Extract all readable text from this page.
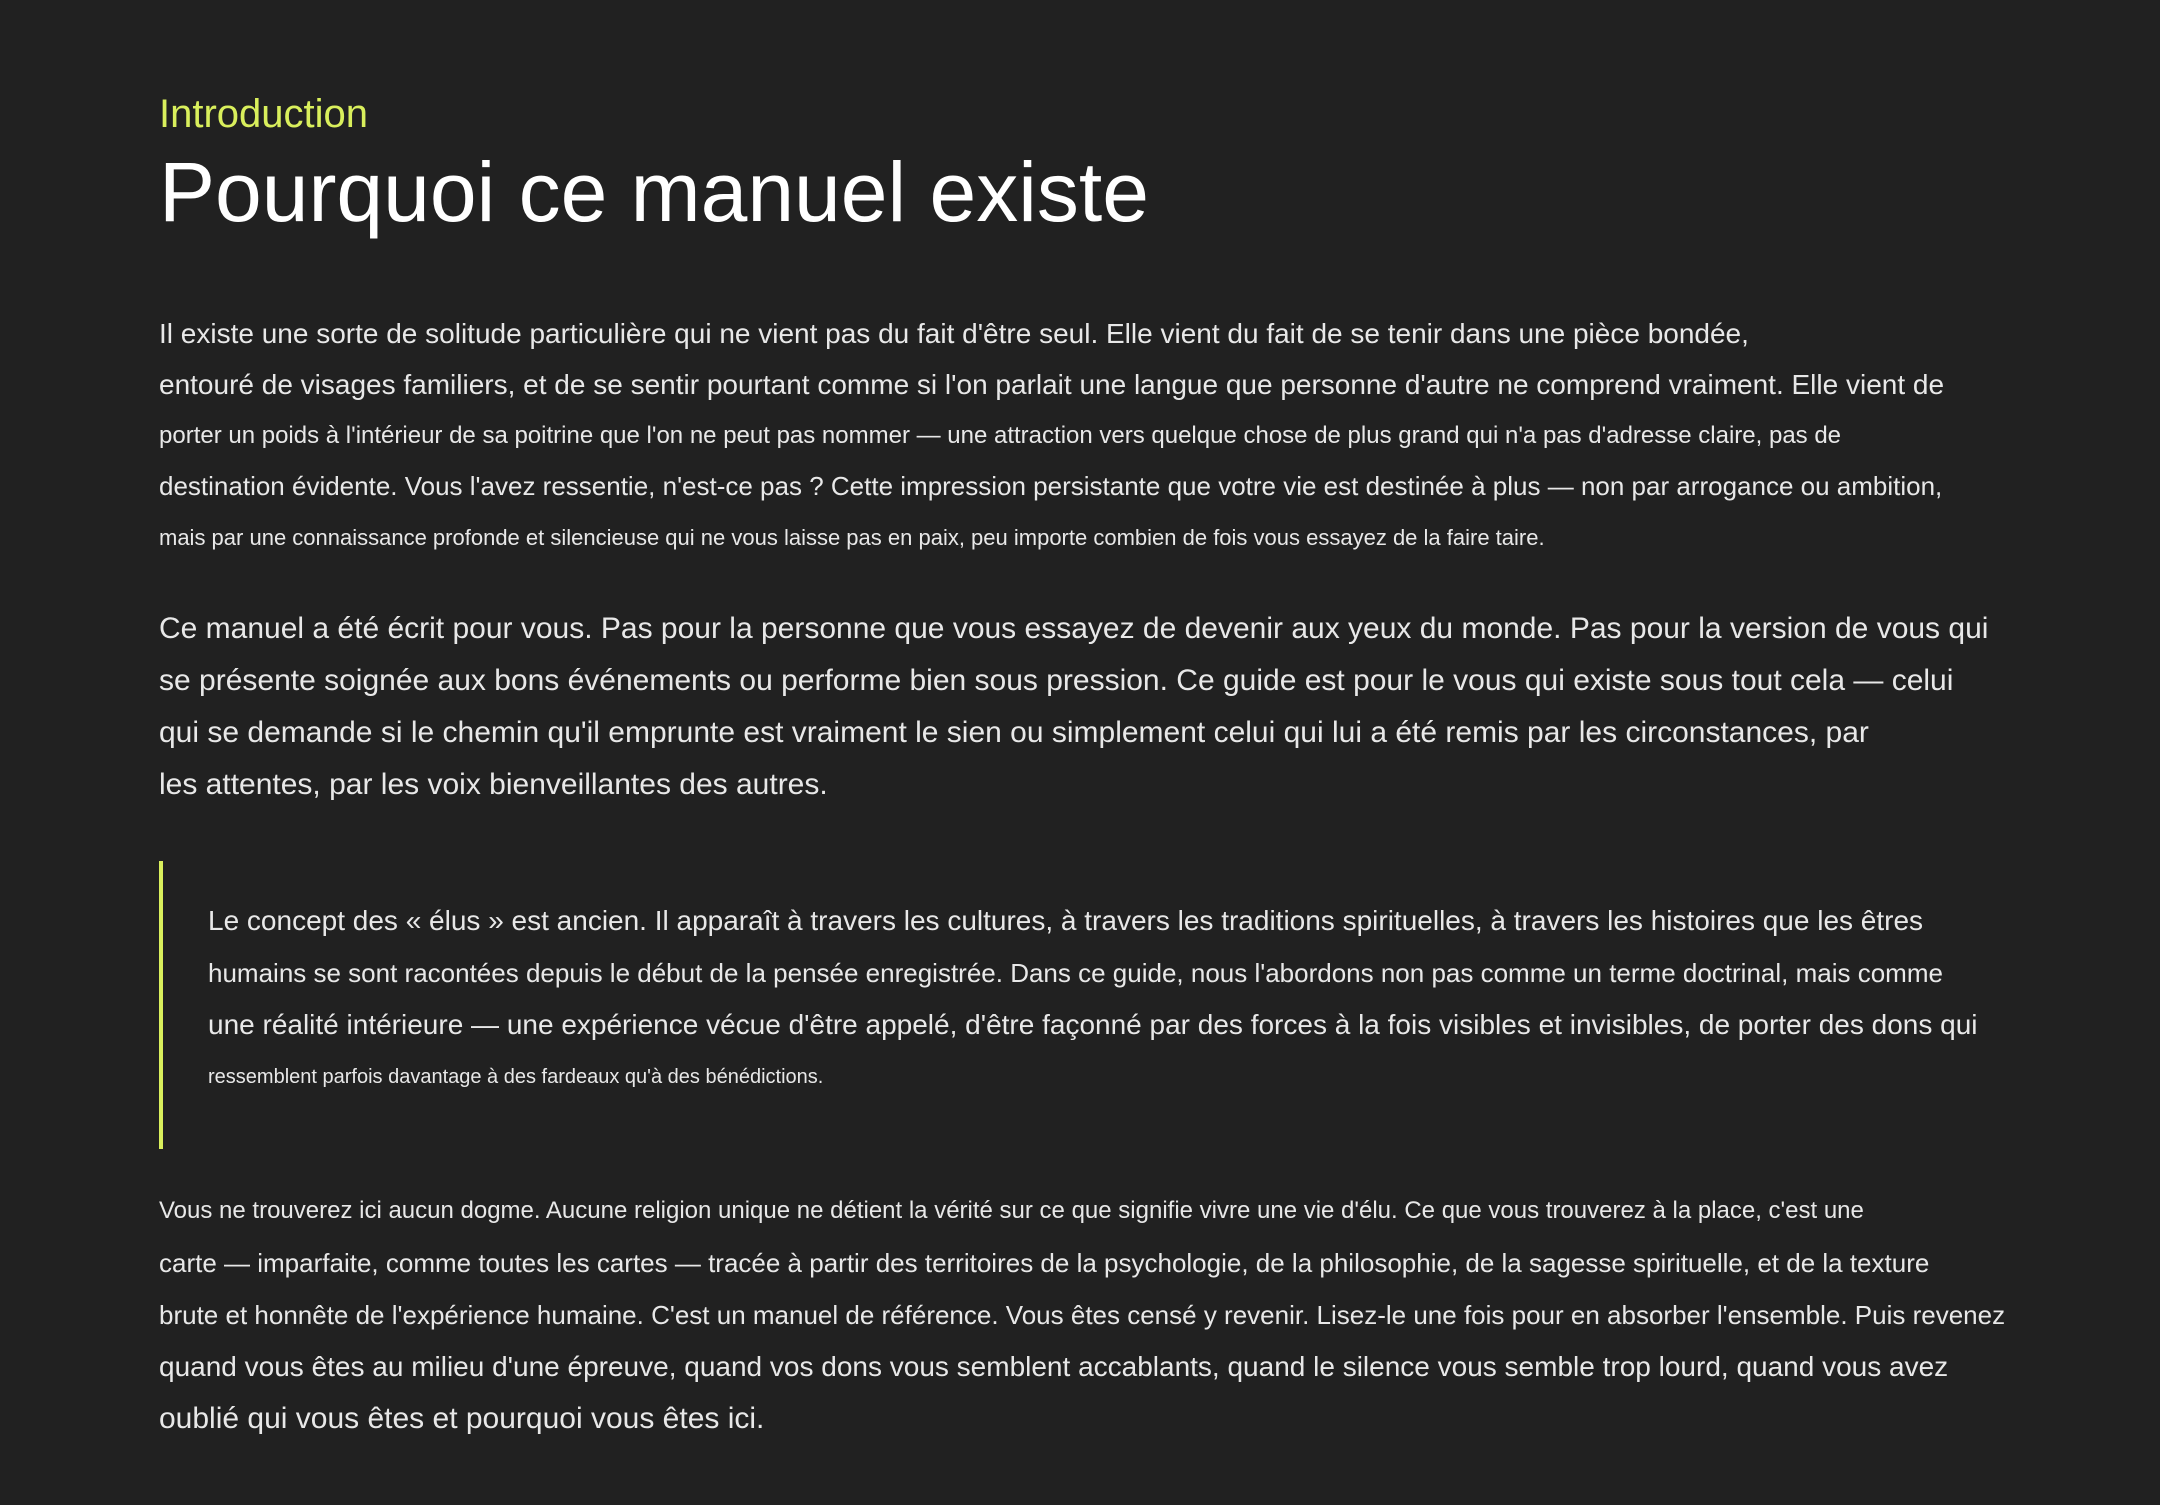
Introduction
Pourquoi ce manuel existe

Il existe une sorte de solitude particulière qui ne vient pas du fait d'être seul. Elle vient du fait de se tenir dans une pièce bondée,
entouré de visages familiers, et de se sentir pourtant comme si l'on parlait une langue que personne d'autre ne comprend vraiment. Elle vient de
porter un poids à l'intérieur de sa poitrine que l'on ne peut pas nommer — une attraction vers quelque chose de plus grand qui n'a pas d'adresse claire, pas de
destination évidente. Vous l'avez ressentie, n'est-ce pas ? Cette impression persistante que votre vie est destinée à plus — non par arrogance ou ambition,
mais par une connaissance profonde et silencieuse qui ne vous laisse pas en paix, peu importe combien de fois vous essayez de la faire taire.

Ce manuel a été écrit pour vous. Pas pour la personne que vous essayez de devenir aux yeux du monde. Pas pour la version de vous qui
se présente soignée aux bons événements ou performe bien sous pression. Ce guide est pour le vous qui existe sous tout cela — celui
qui se demande si le chemin qu'il emprunte est vraiment le sien ou simplement celui qui lui a été remis par les circonstances, par
les attentes, par les voix bienveillantes des autres.

Le concept des « élus » est ancien. Il apparaît à travers les cultures, à travers les traditions spirituelles, à travers les histoires que les êtres
humains se sont racontées depuis le début de la pensée enregistrée. Dans ce guide, nous l'abordons non pas comme un terme doctrinal, mais comme
une réalité intérieure — une expérience vécue d'être appelé, d'être façonné par des forces à la fois visibles et invisibles, de porter des dons qui
ressemblent parfois davantage à des fardeaux qu'à des bénédictions.

Vous ne trouverez ici aucun dogme. Aucune religion unique ne détient la vérité sur ce que signifie vivre une vie d'élu. Ce que vous trouverez à la place, c'est une
carte — imparfaite, comme toutes les cartes — tracée à partir des territoires de la psychologie, de la philosophie, de la sagesse spirituelle, et de la texture
brute et honnête de l'expérience humaine. C'est un manuel de référence. Vous êtes censé y revenir. Lisez-le une fois pour en absorber l'ensemble. Puis revenez
quand vous êtes au milieu d'une épreuve, quand vos dons vous semblent accablants, quand le silence vous semble trop lourd, quand vous avez
oublié qui vous êtes et pourquoi vous êtes ici.
